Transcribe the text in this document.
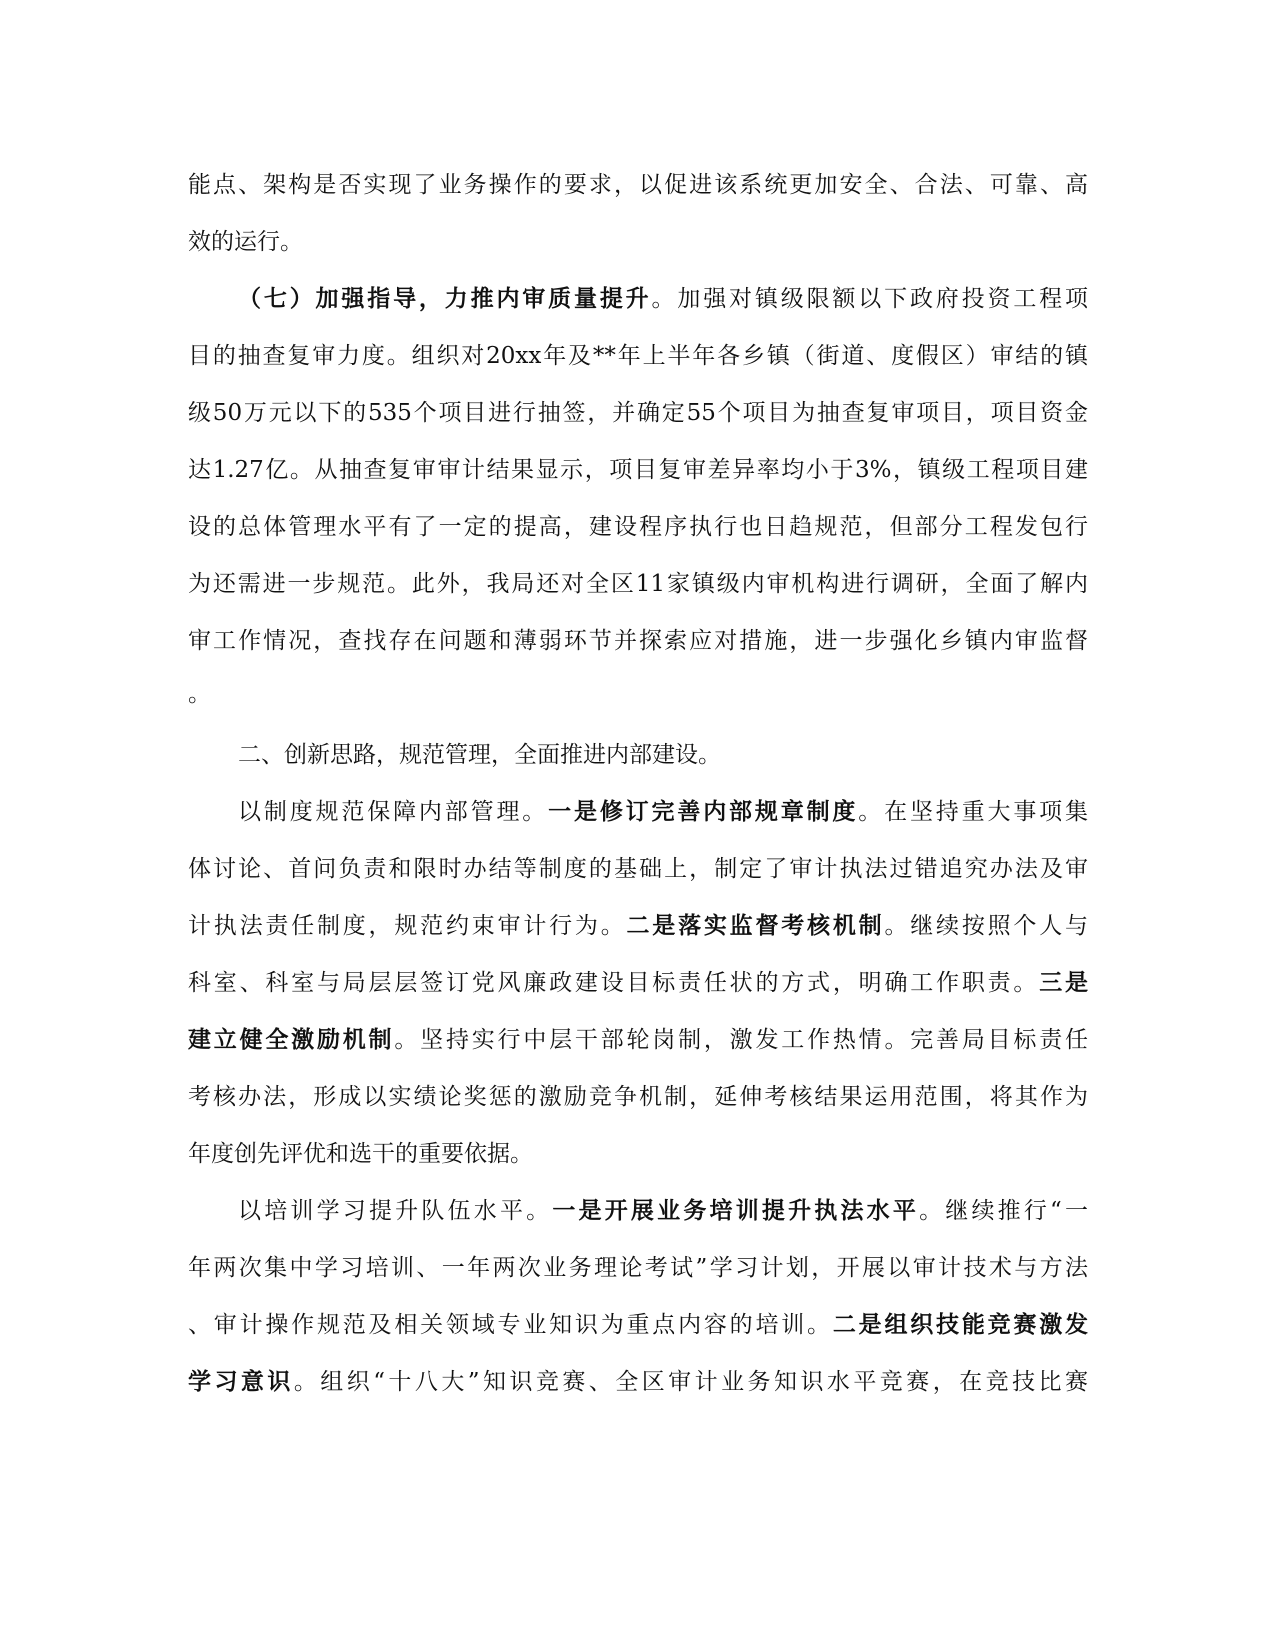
能点、架构是否实现了业务操作的要求，以促进该系统更加安全、合法、可靠、高
效的运行。
（七）加强指导，力推内审质量提升。加强对镇级限额以下政府投资工程项
目的抽查复审力度。组织对20xx年及**年上半年各乡镇（街道、度假区）审结的镇
级50万元以下的535个项目进行抽签，并确定55个项目为抽查复审项目，项目资金
达1.27亿。从抽查复审审计结果显示，项目复审差异率均小于3%，镇级工程项目建
设的总体管理水平有了一定的提高，建设程序执行也日趋规范，但部分工程发包行
为还需进一步规范。此外，我局还对全区11家镇级内审机构进行调研，全面了解内
审工作情况，查找存在问题和薄弱环节并探索应对措施，进一步强化乡镇内审监督
。
二、创新思路，规范管理，全面推进内部建设。
以制度规范保障内部管理。一是修订完善内部规章制度。在坚持重大事项集
体讨论、首问负责和限时办结等制度的基础上，制定了审计执法过错追究办法及审
计执法责任制度，规范约束审计行为。二是落实监督考核机制。继续按照个人与
科室、科室与局层层签订党风廉政建设目标责任状的方式，明确工作职责。三是
建立健全激励机制。坚持实行中层干部轮岗制，激发工作热情。完善局目标责任
考核办法，形成以实绩论奖惩的激励竞争机制，延伸考核结果运用范围，将其作为
年度创先评优和选干的重要依据。
以培训学习提升队伍水平。一是开展业务培训提升执法水平。继续推行“一
年两次集中学习培训、一年两次业务理论考试”学习计划，开展以审计技术与方法
、审计操作规范及相关领域专业知识为重点内容的培训。二是组织技能竞赛激发
学习意识。组织“十八大”知识竞赛、全区审计业务知识水平竞赛，在竞技比赛
